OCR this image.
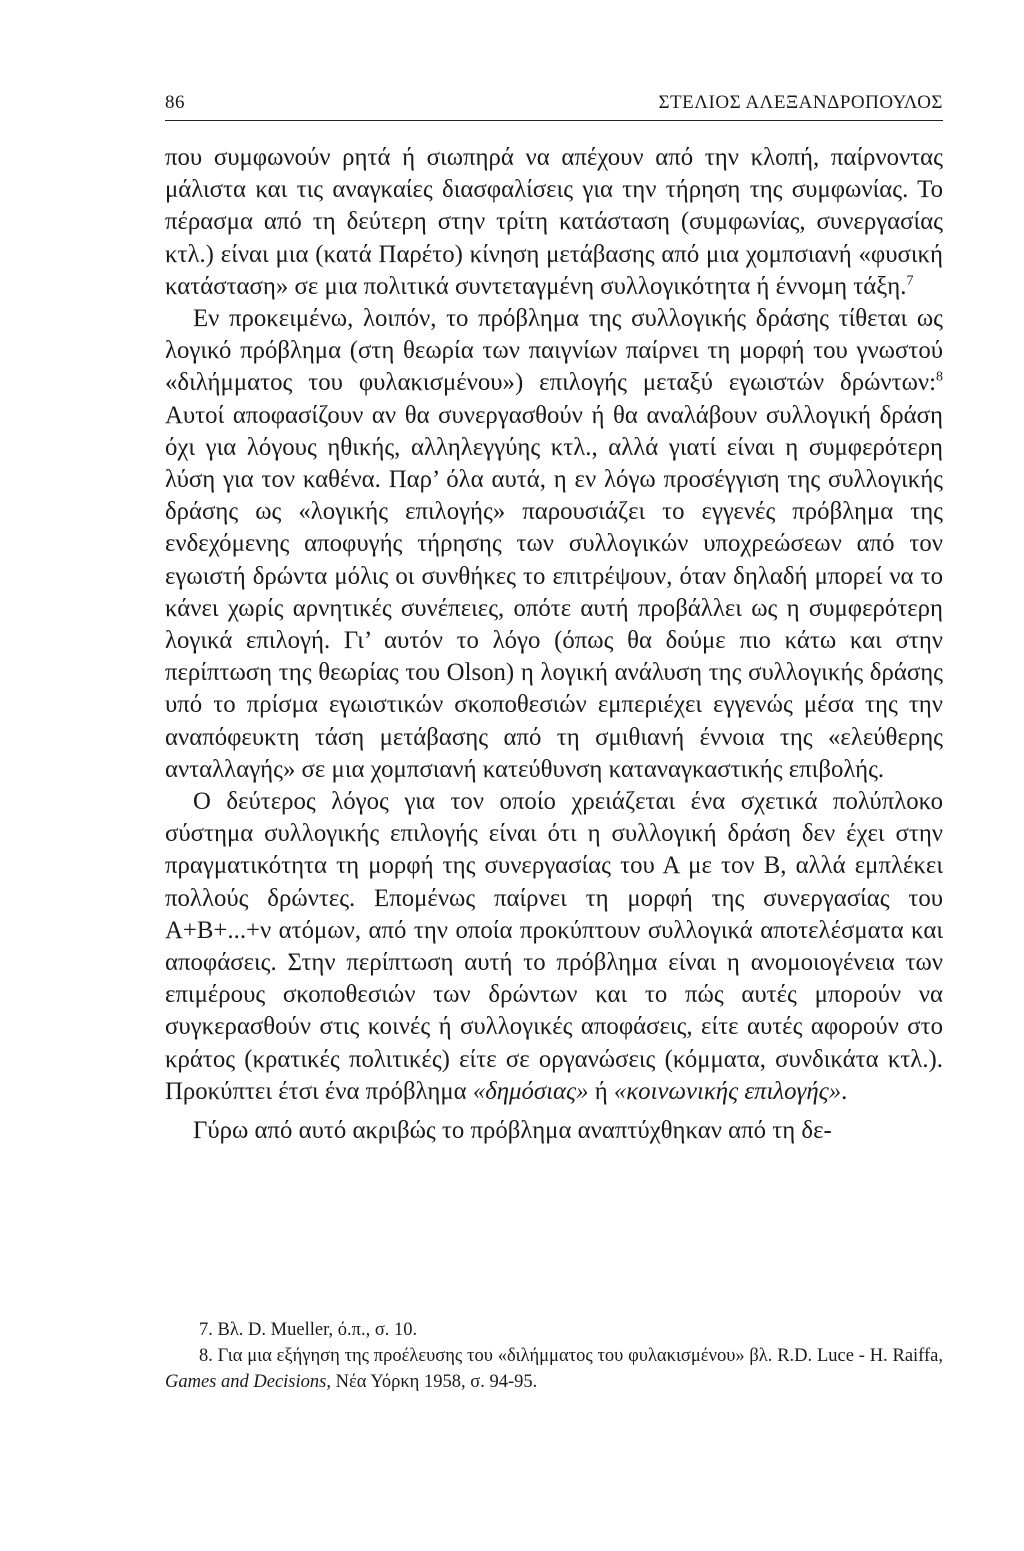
86	ΣΤΕΛΙΟΣ ΑΛΕΞΑΝΔΡΟΠΟΥΛΟΣ

που συμφωνούν ρητά ή σιωπηρά να απέχουν από την κλοπή, παίρνοντας μάλιστα και τις αναγκαίες διασφαλίσεις για την τήρηση της συμφωνίας. Το πέρασμα από τη δεύτερη στην τρίτη κατάσταση (συμφωνίας, συνεργασίας κτλ.) είναι μια (κατά Παρέτο) κίνηση μετάβασης από μια χομπσιανή «φυσική κατάσταση» σε μια πολιτικά συντεταγμένη συλλογικότητα ή έννομη τάξη.$^7$

Εν προκειμένω, λοιπόν, το πρόβλημα της συλλογικής δράσης τίθεται ως λογικό πρόβλημα (στη θεωρία των παιγνίων παίρνει τη μορφή του γνωστού «διλήμματος του φυλακισμένου») επιλογής μεταξύ εγωιστών δρώντων:$^8$ Αυτοί αποφασίζουν αν θα συνεργασθούν ή θα αναλάβουν συλλογική δράση όχι για λόγους ηθικής, αλληλεγγύης κτλ., αλλά γιατί είναι η συμφερότερη λύση για τον καθένα. Παρ’ όλα αυτά, η εν λόγω προσέγγιση της συλλογικής δράσης ως «λογικής επιλογής» παρουσιάζει το εγγενές πρόβλημα της ενδεχόμενης αποφυγής τήρησης των συλλογικών υποχρεώσεων από τον εγωιστή δρώντα μόλις οι συνθήκες το επιτρέψουν, όταν δηλαδή μπορεί να το κάνει χωρίς αρνητικές συνέπειες, οπότε αυτή προβάλλει ως η συμφερότερη λογικά επιλογή. Γι’ αυτόν το λόγο (όπως θα δούμε πιο κάτω και στην περίπτωση της θεωρίας του Olson) η λογική ανάλυση της συλλογικής δράσης υπό το πρίσμα εγωιστικών σκοποθεσιών εμπεριέχει εγγενώς μέσα της την αναπόφευκτη τάση μετάβασης από τη σμιθιανή έννοια της «ελεύθερης ανταλλαγής» σε μια χομπσιανή κατεύθυνση καταναγκαστικής επιβολής.

Ο δεύτερος λόγος για τον οποίο χρειάζεται ένα σχετικά πολύπλοκο σύστημα συλλογικής επιλογής είναι ότι η συλλογική δράση δεν έχει στην πραγματικότητα τη μορφή της συνεργασίας του Α με τον Β, αλλά εμπλέκει πολλούς δρώντες. Επομένως παίρνει τη μορφή της συνεργασίας του Α+Β+...+ν ατόμων, από την οποία προκύπτουν συλλογικά αποτελέσματα και αποφάσεις. Στην περίπτωση αυτή το πρόβλημα είναι η ανομοιογένεια των επιμέρους σκοποθεσιών των δρώντων και το πώς αυτές μπορούν να συγκερασθούν στις κοινές ή συλλογικές αποφάσεις, είτε αυτές αφορούν στο κράτος (κρατικές πολιτικές) είτε σε οργανώσεις (κόμματα, συνδικάτα κτλ.). Προκύπτει έτσι ένα πρόβλημα «δημόσιας» ή «κοινωνικής επιλογής».

Γύρω από αυτό ακριβώς το πρόβλημα αναπτύχθηκαν από τη δε-

7. Βλ. D. Mueller, ό.π., σ. 10.

8. Για μια εξήγηση της προέλευσης του «διλήμματος του φυλακισμένου» βλ. R.D. Luce - H. Raiffa, Games and Decisions, Νέα Υόρκη 1958, σ. 94-95.
